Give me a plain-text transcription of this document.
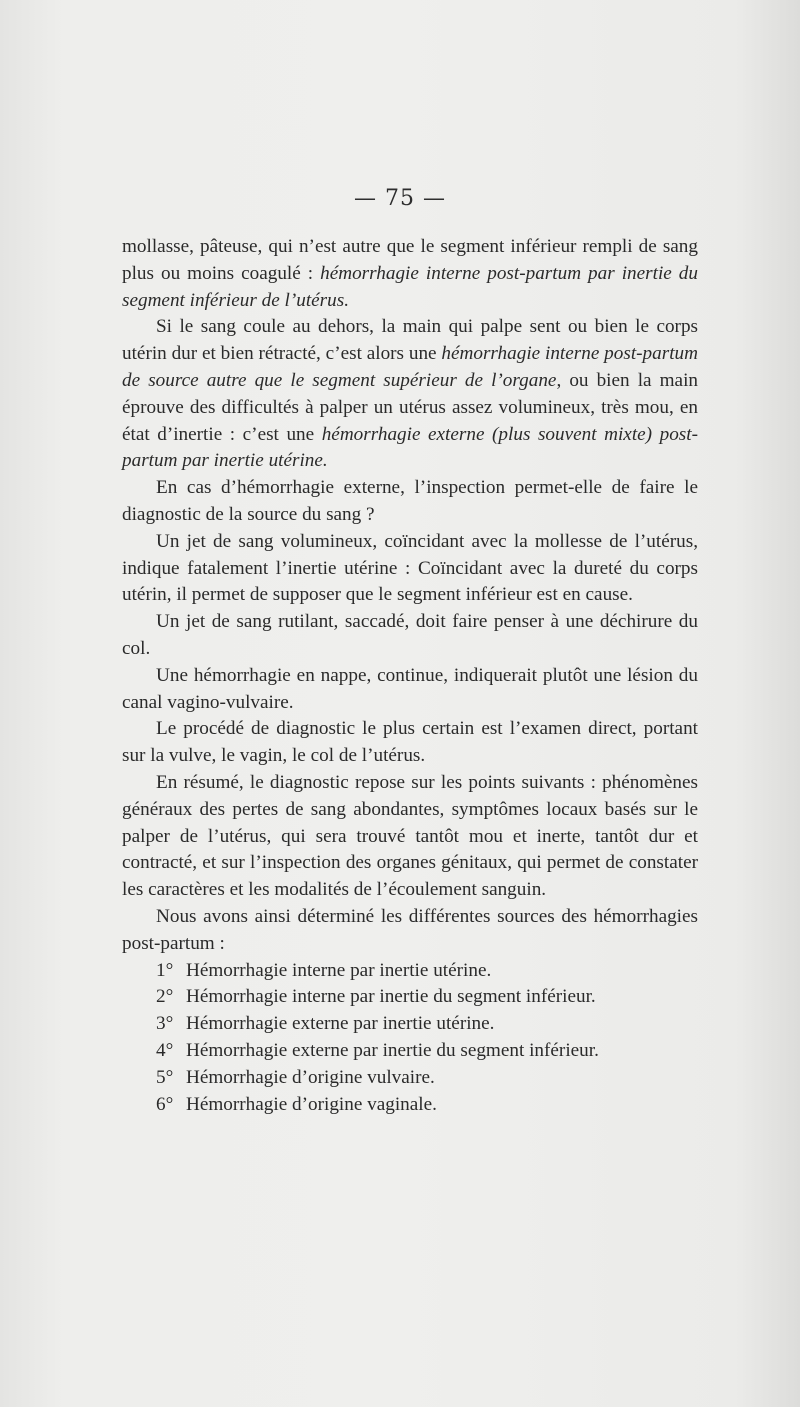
— 75 —

mollasse, pâteuse, qui n’est autre que le segment inférieur rempli de sang plus ou moins coagulé : hémorrhagie interne post-partum par inertie du segment inférieur de l’utérus.

Si le sang coule au dehors, la main qui palpe sent ou bien le corps utérin dur et bien rétracté, c’est alors une hémorrhagie interne post-partum de source autre que le segment supérieur de l’organe, ou bien la main éprouve des difficultés à palper un utérus assez volumineux, très mou, en état d’inertie : c’est une hémorrhagie externe (plus souvent mixte) post-partum par inertie utérine.

En cas d’hémorrhagie externe, l’inspection permet-elle de faire le diagnostic de la source du sang ?

Un jet de sang volumineux, coïncidant avec la mollesse de l’utérus, indique fatalement l’inertie utérine : Coïncidant avec la dureté du corps utérin, il permet de supposer que le segment inférieur est en cause.

Un jet de sang rutilant, saccadé, doit faire penser à une déchirure du col.

Une hémorrhagie en nappe, continue, indiquerait plutôt une lésion du canal vagino-vulvaire.

Le procédé de diagnostic le plus certain est l’examen direct, portant sur la vulve, le vagin, le col de l’utérus.

En résumé, le diagnostic repose sur les points suivants : phénomènes généraux des pertes de sang abondantes, symptômes locaux basés sur le palper de l’utérus, qui sera trouvé tantôt mou et inerte, tantôt dur et contracté, et sur l’inspection des organes génitaux, qui permet de constater les caractères et les modalités de l’écoulement sanguin.

Nous avons ainsi déterminé les différentes sources des hémorrhagies post-partum :

1° Hémorrhagie interne par inertie utérine.
2° Hémorrhagie interne par inertie du segment inférieur.
3° Hémorrhagie externe par inertie utérine.
4° Hémorrhagie externe par inertie du segment inférieur.
5° Hémorrhagie d’origine vulvaire.
6° Hémorrhagie d’origine vaginale.
